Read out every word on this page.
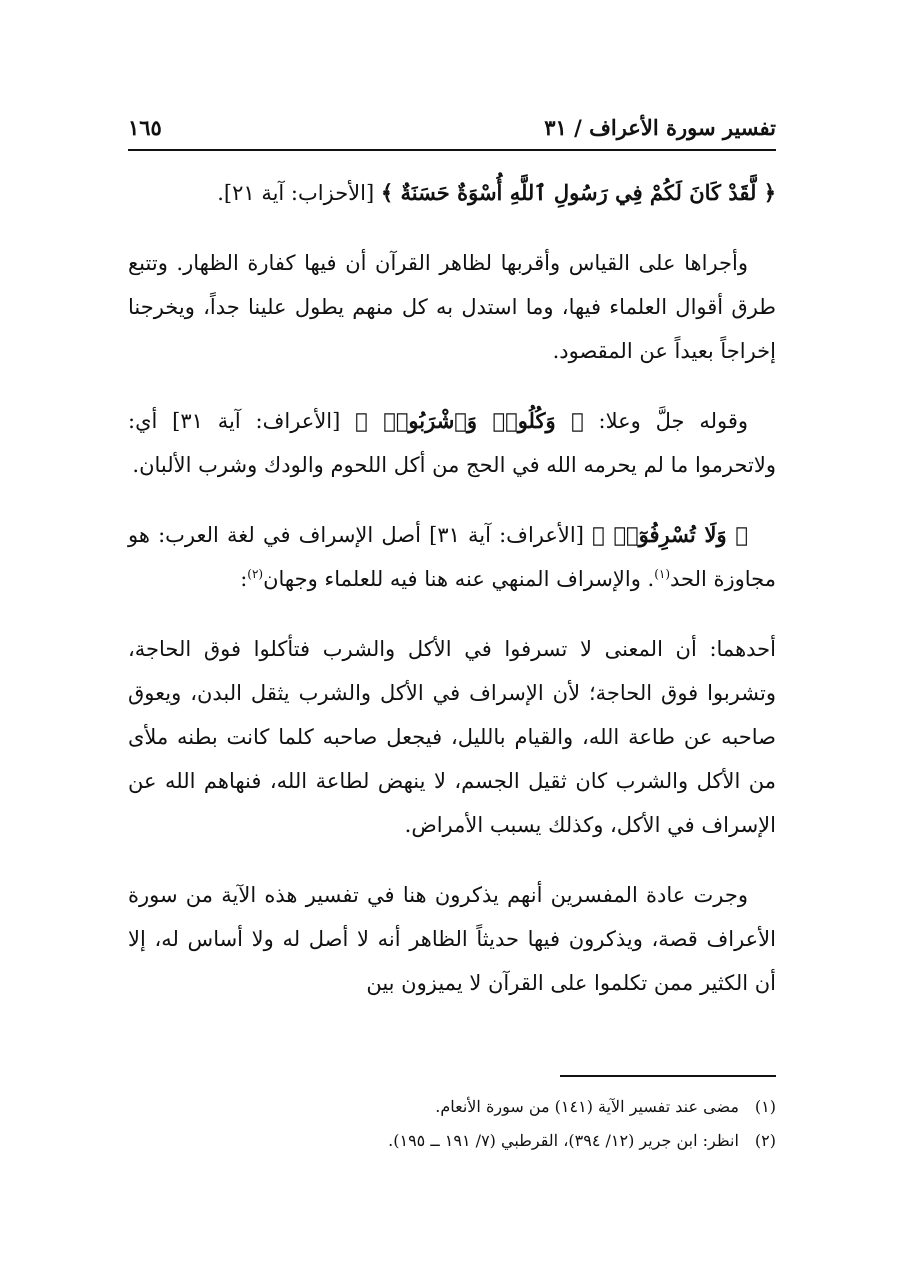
تفسير سورة الأعراف / ٣١
١٦٥

﴿ لَّقَدْ كَانَ لَكُمْ فِي رَسُولِ ٱللَّهِ أُسْوَةٌ حَسَنَةٌ ﴾ [الأحزاب: آية ٢١].

وأجراها على القياس وأقربها لظاهر القرآن أن فيها كفارة الظهار. وتتبع طرق أقوال العلماء فيها، وما استدل به كل منهم يطول علينا جداً، ويخرجنا إخراجاً بعيداً عن المقصود.

وقوله جلَّ وعلا: ﴿ وَكُلُوا۟ وَٱشْرَبُوا۟ ﴾ [الأعراف: آية ٣١] أي: ولاتحرموا ما لم يحرمه الله في الحج من أكل اللحوم والودك وشرب الألبان.

﴿ وَلَا تُسْرِفُوٓا۟ ﴾ [الأعراف: آية ٣١] أصل الإسراف في لغة العرب: هو مجاوزة الحد$^{(١)}$. والإسراف المنهي عنه هنا فيه للعلماء وجهان$^{(٢)}$:

أحدهما: أن المعنى لا تسرفوا في الأكل والشرب فتأكلوا فوق الحاجة، وتشربوا فوق الحاجة؛ لأن الإسراف في الأكل والشرب يثقل البدن، ويعوق صاحبه عن طاعة الله، والقيام بالليل، فيجعل صاحبه كلما كانت بطنه ملأى من الأكل والشرب كان ثقيل الجسم، لا ينهض لطاعة الله، فنهاهم الله عن الإسراف في الأكل، وكذلك يسبب الأمراض.

وجرت عادة المفسرين أنهم يذكرون هنا في تفسير هذه الآية من سورة الأعراف قصة، ويذكرون فيها حديثاً الظاهر أنه لا أصل له ولا أساس له، إلا أن الكثير ممن تكلموا على القرآن لا يميزون بين

(١) مضى عند تفسير الآية (١٤١) من سورة الأنعام.

(٢) انظر: ابن جرير (١٢/ ٣٩٤)، القرطبي (٧/ ١٩١ ــ ١٩٥).
